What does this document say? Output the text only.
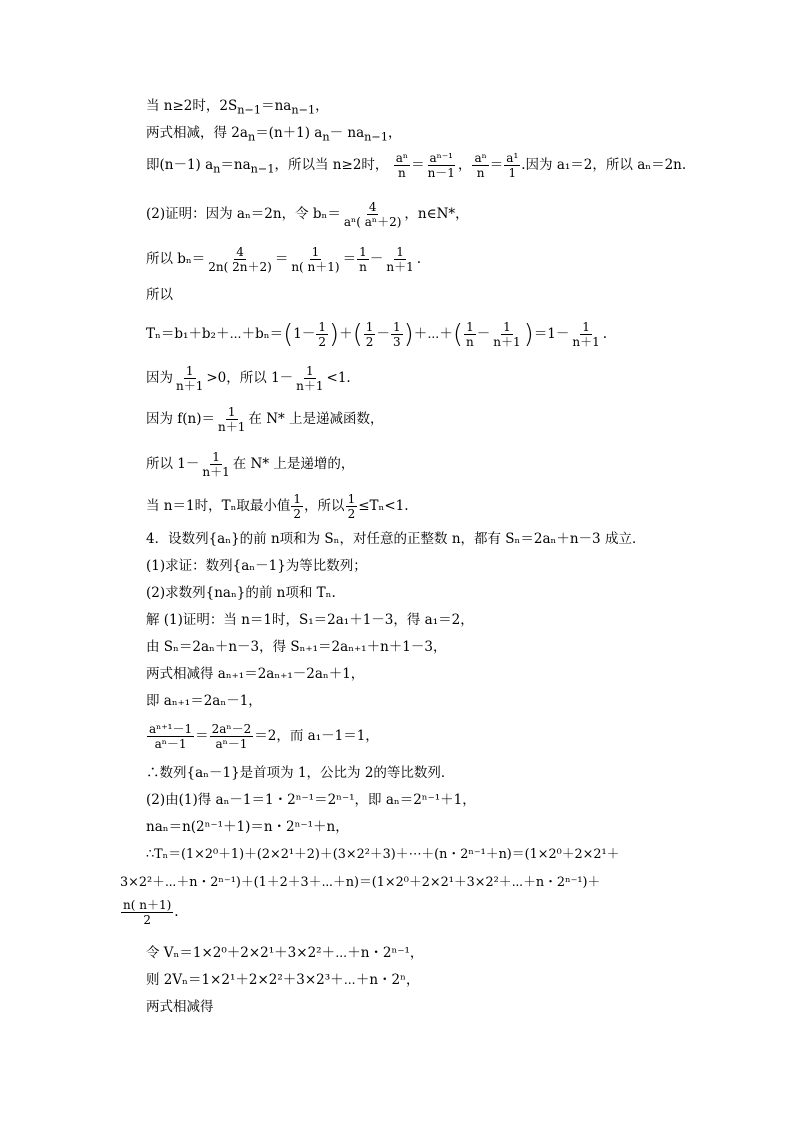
当 n≥2时，$2S_{n-1}=na_{n-1}$，
两式相减，得 $2a_n=(n+1)$ $a_n- na_{n-1}$，
即(n－1) $a_n=na_{n-1}$，所以当 n≥2时， $\frac{\text{aⁿ}}{n} = \frac{\text{aⁿ⁻¹}}{n-1}$ ， $\frac{\text{aⁿ}}{n} = \frac{\text{a¹}}{1}$ .因为 a₁＝2，所以 aₙ＝2n.
(2)证明：因为 aₙ＝2n，令 $b_n= \frac{4}{\text{aⁿ( aⁿ＋2)}}$ ，n∈N*，
所以 $b_n= \frac{4}{2n( 2n+2)} = \frac{1}{n( n+1)} = \frac{1}{n} - \frac{1}{n+1}$ .
所以
Tₙ＝b₁＋b₂＋⋯＋bₙ＝(1－ $\frac{1}{2}$ )＋( $\frac{1}{2} - \frac{1}{3}$ )＋⋯＋( $\frac{1}{n} - \frac{1}{n+1} )=1- \frac{1}{n+1}$ .
因为 $\frac{1}{n+1} >0$，所以 $1- \frac{1}{n+1} <1$.
因为 $f(n)= \frac{1}{n+1}$ 在 N* 上是递减函数，
所以 $1- \frac{1}{n+1}$ 在 N* 上是递增的，
当 n＝1时，Tₙ取最小值 $\frac{1}{2}$ ，所以 $\frac{1}{2} \le T_n<1$.
4．设数列{aₙ}的前 n项和为 Sₙ，对任意的正整数 n，都有 Sₙ＝2aₙ＋n－3 成立．
(1)求证：数列{aₙ－1}为等比数列；
(2)求数列{naₙ}的前 n项和 Tₙ.
解 (1)证明：当 n＝1时，S₁＝2a₁＋1－3，得 a₁＝2，
由 Sₙ＝2aₙ＋n－3，得 Sₙ₊₁＝2aₙ₊₁＋n＋1－3，
两式相减得 aₙ₊₁＝2aₙ₊₁－2aₙ＋1，
即 aₙ₊₁＝2aₙ－1，
$\frac{\text{aⁿ⁺¹－1}}{\text{aⁿ－1}} = \frac{\text{2aⁿ－2}}{\text{aⁿ－1}} =2$，而 a₁－1＝1，
∴数列{aₙ－1}是首项为 1，公比为 2的等比数列．
(2)由(1)得 aₙ－1＝1・2ⁿ⁻¹＝2ⁿ⁻¹，即 aₙ＝2ⁿ⁻¹＋1，
naₙ＝n(2ⁿ⁻¹＋1)＝n・2ⁿ⁻¹＋n，
∴Tₙ＝(1×2⁰＋1)＋(2×2¹＋2)＋(3×2²＋3)＋⋯＋(n・2ⁿ⁻¹＋n)＝(1×2⁰＋2×2¹＋
3×2²＋⋯＋n・2ⁿ⁻¹)＋(1＋2＋3＋⋯＋n)＝(1×2⁰＋2×2¹＋3×2²＋⋯＋n・2ⁿ⁻¹)＋
$\frac{n( n+1)}{2}$ .
令 Vₙ＝1×2⁰＋2×2¹＋3×2²＋⋯＋n・2ⁿ⁻¹，
则 2Vₙ＝1×2¹＋2×2²＋3×2³＋⋯＋n・2ⁿ，
两式相减得
